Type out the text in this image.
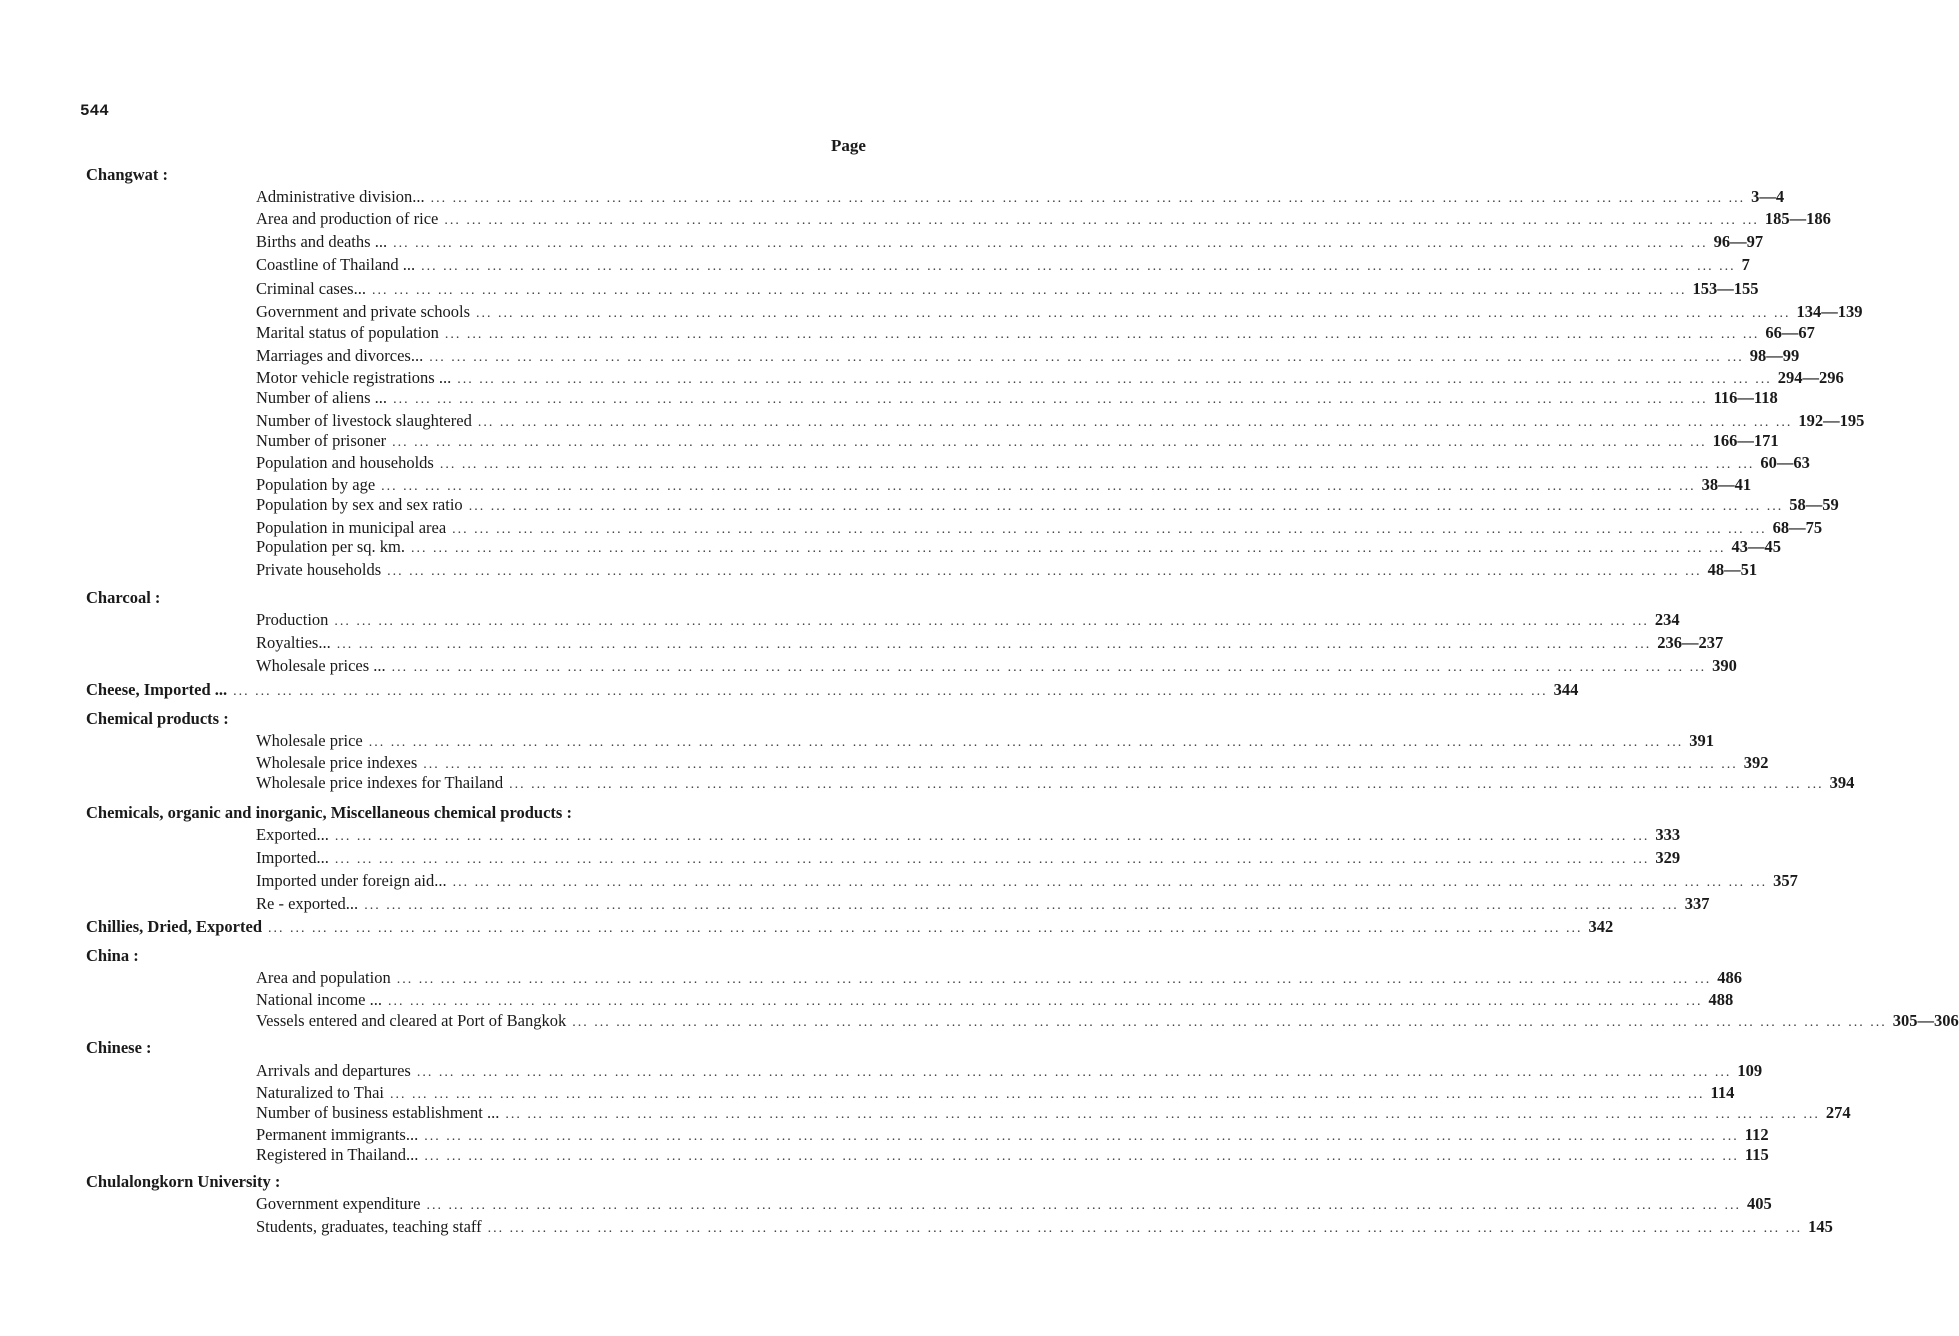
544
Page
Changwat :
Administrative division... ... ... ... ... ... ... ... ... ... ... ... ... ... ... ... ... ... ... ... ... ... ... ... ... ... ... ... ... ... ... ... ... ... ... ... ... ... ... ... ... ... ... ... ... ... ... ... ... ... ... ... ... ... ... ... ... ... ... ... ... 3—4
Area and production of rice ... ... ... ... ... ... ... ... ... ... ... ... ... ... ... ... ... ... ... ... ... ... ... ... ... ... ... ... ... ... ... ... ... ... ... ... ... ... ... ... ... ... ... ... ... ... ... ... ... ... ... ... ... ... ... ... ... ... ... ... 185—186
Births and deaths ... ... ... ... ... ... ... ... ... ... ... ... ... ... ... ... ... ... ... ... ... ... ... ... ... ... ... ... ... ... ... ... ... ... ... ... ... ... ... ... ... ... ... ... ... ... ... ... ... ... ... ... ... ... ... ... ... ... ... ... ... 96—97
Coastline of Thailand ... ... ... ... ... ... ... ... ... ... ... ... ... ... ... ... ... ... ... ... ... ... ... ... ... ... ... ... ... ... ... ... ... ... ... ... ... ... ... ... ... ... ... ... ... ... ... ... ... ... ... ... ... ... ... ... ... ... ... ... ... 7
Criminal cases... ... ... ... ... ... ... ... ... ... ... ... ... ... ... ... ... ... ... ... ... ... ... ... ... ... ... ... ... ... ... ... ... ... ... ... ... ... ... ... ... ... ... ... ... ... ... ... ... ... ... ... ... ... ... ... ... ... ... ... ... 153—155
Government and private schools ... ... ... ... ... ... ... ... ... ... ... ... ... ... ... ... ... ... ... ... ... ... ... ... ... ... ... ... ... ... ... ... ... ... ... ... ... ... ... ... ... ... ... ... ... ... ... ... ... ... ... ... ... ... ... ... ... ... ... ... 134—139
Marital status of population ... ... ... ... ... ... ... ... ... ... ... ... ... ... ... ... ... ... ... ... ... ... ... ... ... ... ... ... ... ... ... ... ... ... ... ... ... ... ... ... ... ... ... ... ... ... ... ... ... ... ... ... ... ... ... ... ... ... ... ... 66—67
Marriages and divorces... ... ... ... ... ... ... ... ... ... ... ... ... ... ... ... ... ... ... ... ... ... ... ... ... ... ... ... ... ... ... ... ... ... ... ... ... ... ... ... ... ... ... ... ... ... ... ... ... ... ... ... ... ... ... ... ... ... ... ... ... 98—99
Motor vehicle registrations ... ... ... ... ... ... ... ... ... ... ... ... ... ... ... ... ... ... ... ... ... ... ... ... ... ... ... ... ... ... ... ... ... ... ... ... ... ... ... ... ... ... ... ... ... ... ... ... ... ... ... ... ... ... ... ... ... ... ... ... ... 294—296
Number of aliens ... ... ... ... ... ... ... ... ... ... ... ... ... ... ... ... ... ... ... ... ... ... ... ... ... ... ... ... ... ... ... ... ... ... ... ... ... ... ... ... ... ... ... ... ... ... ... ... ... ... ... ... ... ... ... ... ... ... ... ... ... 116—118
Number of livestock slaughtered ... ... ... ... ... ... ... ... ... ... ... ... ... ... ... ... ... ... ... ... ... ... ... ... ... ... ... ... ... ... ... ... ... ... ... ... ... ... ... ... ... ... ... ... ... ... ... ... ... ... ... ... ... ... ... ... ... ... ... ... 192—195
Number of prisoner ... ... ... ... ... ... ... ... ... ... ... ... ... ... ... ... ... ... ... ... ... ... ... ... ... ... ... ... ... ... ... ... ... ... ... ... ... ... ... ... ... ... ... ... ... ... ... ... ... ... ... ... ... ... ... ... ... ... ... ... 166—171
Population and households ... ... ... ... ... ... ... ... ... ... ... ... ... ... ... ... ... ... ... ... ... ... ... ... ... ... ... ... ... ... ... ... ... ... ... ... ... ... ... ... ... ... ... ... ... ... ... ... ... ... ... ... ... ... ... ... ... ... ... ... 60—63
Population by age ... ... ... ... ... ... ... ... ... ... ... ... ... ... ... ... ... ... ... ... ... ... ... ... ... ... ... ... ... ... ... ... ... ... ... ... ... ... ... ... ... ... ... ... ... ... ... ... ... ... ... ... ... ... ... ... ... ... ... ... 38—41
Population by sex and sex ratio ... ... ... ... ... ... ... ... ... ... ... ... ... ... ... ... ... ... ... ... ... ... ... ... ... ... ... ... ... ... ... ... ... ... ... ... ... ... ... ... ... ... ... ... ... ... ... ... ... ... ... ... ... ... ... ... ... ... ... ... 58—59
Population in municipal area ... ... ... ... ... ... ... ... ... ... ... ... ... ... ... ... ... ... ... ... ... ... ... ... ... ... ... ... ... ... ... ... ... ... ... ... ... ... ... ... ... ... ... ... ... ... ... ... ... ... ... ... ... ... ... ... ... ... ... ... 68—75
Population per sq. km. ... ... ... ... ... ... ... ... ... ... ... ... ... ... ... ... ... ... ... ... ... ... ... ... ... ... ... ... ... ... ... ... ... ... ... ... ... ... ... ... ... ... ... ... ... ... ... ... ... ... ... ... ... ... ... ... ... ... ... ... 43—45
Private households ... ... ... ... ... ... ... ... ... ... ... ... ... ... ... ... ... ... ... ... ... ... ... ... ... ... ... ... ... ... ... ... ... ... ... ... ... ... ... ... ... ... ... ... ... ... ... ... ... ... ... ... ... ... ... ... ... ... ... ... 48—51
Charcoal :
Production ... ... ... ... ... ... ... ... ... ... ... ... ... ... ... ... ... ... ... ... ... ... ... ... ... ... ... ... ... ... ... ... ... ... ... ... ... ... ... ... ... ... ... ... ... ... ... ... ... ... ... ... ... ... ... ... ... ... ... ... 234
Royalties... ... ... ... ... ... ... ... ... ... ... ... ... ... ... ... ... ... ... ... ... ... ... ... ... ... ... ... ... ... ... ... ... ... ... ... ... ... ... ... ... ... ... ... ... ... ... ... ... ... ... ... ... ... ... ... ... ... ... ... ... 236—237
Wholesale prices ... ... ... ... ... ... ... ... ... ... ... ... ... ... ... ... ... ... ... ... ... ... ... ... ... ... ... ... ... ... ... ... ... ... ... ... ... ... ... ... ... ... ... ... ... ... ... ... ... ... ... ... ... ... ... ... ... ... ... ... ... 390
Cheese, Imported ... ... ... ... ... ... ... ... ... ... ... ... ... ... ... ... ... ... ... ... ... ... ... ... ... ... ... ... ... ... ... ... ... ... ... ... ... ... ... ... ... ... ... ... ... ... ... ... ... ... ... ... ... ... ... ... ... ... ... ... ... 344
Chemical products :
Wholesale price ... ... ... ... ... ... ... ... ... ... ... ... ... ... ... ... ... ... ... ... ... ... ... ... ... ... ... ... ... ... ... ... ... ... ... ... ... ... ... ... ... ... ... ... ... ... ... ... ... ... ... ... ... ... ... ... ... ... ... ... 391
Wholesale price indexes ... ... ... ... ... ... ... ... ... ... ... ... ... ... ... ... ... ... ... ... ... ... ... ... ... ... ... ... ... ... ... ... ... ... ... ... ... ... ... ... ... ... ... ... ... ... ... ... ... ... ... ... ... ... ... ... ... ... ... ... 392
Wholesale price indexes for Thailand ... ... ... ... ... ... ... ... ... ... ... ... ... ... ... ... ... ... ... ... ... ... ... ... ... ... ... ... ... ... ... ... ... ... ... ... ... ... ... ... ... ... ... ... ... ... ... ... ... ... ... ... ... ... ... ... ... ... ... ... 394
Chemicals, organic and inorganic, Miscellaneous chemical products :
Exported... ... ... ... ... ... ... ... ... ... ... ... ... ... ... ... ... ... ... ... ... ... ... ... ... ... ... ... ... ... ... ... ... ... ... ... ... ... ... ... ... ... ... ... ... ... ... ... ... ... ... ... ... ... ... ... ... ... ... ... ... 333
Imported... ... ... ... ... ... ... ... ... ... ... ... ... ... ... ... ... ... ... ... ... ... ... ... ... ... ... ... ... ... ... ... ... ... ... ... ... ... ... ... ... ... ... ... ... ... ... ... ... ... ... ... ... ... ... ... ... ... ... ... ... 329
Imported under foreign aid... ... ... ... ... ... ... ... ... ... ... ... ... ... ... ... ... ... ... ... ... ... ... ... ... ... ... ... ... ... ... ... ... ... ... ... ... ... ... ... ... ... ... ... ... ... ... ... ... ... ... ... ... ... ... ... ... ... ... ... ... 357
Re - exported... ... ... ... ... ... ... ... ... ... ... ... ... ... ... ... ... ... ... ... ... ... ... ... ... ... ... ... ... ... ... ... ... ... ... ... ... ... ... ... ... ... ... ... ... ... ... ... ... ... ... ... ... ... ... ... ... ... ... ... ... 337
Chillies, Dried, Exported ... ... ... ... ... ... ... ... ... ... ... ... ... ... ... ... ... ... ... ... ... ... ... ... ... ... ... ... ... ... ... ... ... ... ... ... ... ... ... ... ... ... ... ... ... ... ... ... ... ... ... ... ... ... ... ... ... ... ... ... 342
China :
Area and population ... ... ... ... ... ... ... ... ... ... ... ... ... ... ... ... ... ... ... ... ... ... ... ... ... ... ... ... ... ... ... ... ... ... ... ... ... ... ... ... ... ... ... ... ... ... ... ... ... ... ... ... ... ... ... ... ... ... ... ... 486
National income ... ... ... ... ... ... ... ... ... ... ... ... ... ... ... ... ... ... ... ... ... ... ... ... ... ... ... ... ... ... ... ... ... ... ... ... ... ... ... ... ... ... ... ... ... ... ... ... ... ... ... ... ... ... ... ... ... ... ... ... ... 488
Vessels entered and cleared at Port of Bangkok ... ... ... ... ... ... ... ... ... ... ... ... ... ... ... ... ... ... ... ... ... ... ... ... ... ... ... ... ... ... ... ... ... ... ... ... ... ... ... ... ... ... ... ... ... ... ... ... ... ... ... ... ... ... ... ... ... ... ... ... 305—306
Chinese :
Arrivals and departures ... ... ... ... ... ... ... ... ... ... ... ... ... ... ... ... ... ... ... ... ... ... ... ... ... ... ... ... ... ... ... ... ... ... ... ... ... ... ... ... ... ... ... ... ... ... ... ... ... ... ... ... ... ... ... ... ... ... ... ... 109
Naturalized to Thai ... ... ... ... ... ... ... ... ... ... ... ... ... ... ... ... ... ... ... ... ... ... ... ... ... ... ... ... ... ... ... ... ... ... ... ... ... ... ... ... ... ... ... ... ... ... ... ... ... ... ... ... ... ... ... ... ... ... ... ... 114
Number of business establishment ... ... ... ... ... ... ... ... ... ... ... ... ... ... ... ... ... ... ... ... ... ... ... ... ... ... ... ... ... ... ... ... ... ... ... ... ... ... ... ... ... ... ... ... ... ... ... ... ... ... ... ... ... ... ... ... ... ... ... ... ... 274
Permanent immigrants... ... ... ... ... ... ... ... ... ... ... ... ... ... ... ... ... ... ... ... ... ... ... ... ... ... ... ... ... ... ... ... ... ... ... ... ... ... ... ... ... ... ... ... ... ... ... ... ... ... ... ... ... ... ... ... ... ... ... ... ... 112
Registered in Thailand... ... ... ... ... ... ... ... ... ... ... ... ... ... ... ... ... ... ... ... ... ... ... ... ... ... ... ... ... ... ... ... ... ... ... ... ... ... ... ... ... ... ... ... ... ... ... ... ... ... ... ... ... ... ... ... ... ... ... ... ... 115
Chulalongkorn University :
Government expenditure ... ... ... ... ... ... ... ... ... ... ... ... ... ... ... ... ... ... ... ... ... ... ... ... ... ... ... ... ... ... ... ... ... ... ... ... ... ... ... ... ... ... ... ... ... ... ... ... ... ... ... ... ... ... ... ... ... ... ... ... 405
Students, graduates, teaching staff ... ... ... ... ... ... ... ... ... ... ... ... ... ... ... ... ... ... ... ... ... ... ... ... ... ... ... ... ... ... ... ... ... ... ... ... ... ... ... ... ... ... ... ... ... ... ... ... ... ... ... ... ... ... ... ... ... ... ... ... 145
